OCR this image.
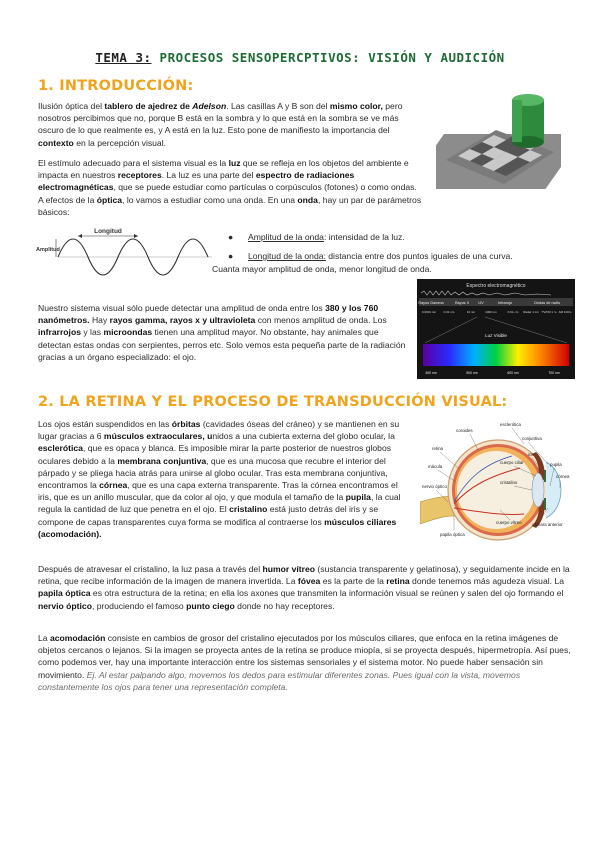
TEMA 3: PROCESOS SENSOPERCPTIVOS: VISIÓN Y AUDICIÓN
1. INTRODUCCIÓN:

Ilusión óptica del tablero de ajedrez de Adelson. Las casillas A y B son del mismo color, pero nosotros percibimos que no, porque B está en la sombra y lo que está en la sombra se ve más oscuro de lo que realmente es, y A está en la luz. Esto pone de manifiesto la importancia del contexto en la percepción visual.

El estímulo adecuado para el sistema visual es la luz que se refleja en los objetos del ambiente e impacta en nuestros receptores. La luz es una parte del espectro de radiaciones electromagnéticas, que se puede estudiar como partículas o corpúsculos (fotones) o como ondas. A efectos de la óptica, lo vamos a estudiar como una onda. En una onda, hay un par de parámetros básicos:

Longitud
Amplitud
● Amplitud de la onda: intensidad de la luz.
● Longitud de la onda: distancia entre dos puntos iguales de una curva.
Cuanta mayor amplitud de onda, menor longitud de onda.

Nuestro sistema visual sólo puede detectar una amplitud de onda entre los 380 y los 760 nanómetros. Hay rayos gamma, rayos x y ultravioleta con menos amplitud de onda. Los infrarrojos y las microondas tienen una amplitud mayor. No obstante, hay animales que detectan estas ondas con serpientes, perros etc. Solo vemos esta pequeña parte de la radiación gracias a un órgano especializado: el ojo.

Espectro electromagnético
Rayos Gamma	Rayos X UV	Infrarojo	Ondas de radio
0.0001 nm 0.01 nm	10 nm	1000 nm	0.01 cm Radar 1 cm TV/FM 1 m AM 100m
Luz Visible
400 nm	500 nm	600 nm	700 nm
2. LA RETINA Y EL PROCESO DE TRANSDUCCIÓN VISUAL:

Los ojos están suspendidos en las órbitas (cavidades óseas del cráneo) y se mantienen en su lugar gracias a 6 músculos extraoculares, unidos a una cubierta externa del globo ocular, la esclerótica, que es opaca y blanca. Es imposible mirar la parte posterior de nuestros globos oculares debido a la membrana conjuntiva, que es una mucosa que recubre el interior del párpado y se pliega hacia atrás para unirse al globo ocular. Tras esta membrana conjuntiva, encontramos la córnea, que es una capa externa transparente. Tras la córnea encontramos el iris, que es un anillo muscular, que da color al ojo, y que modula el tamaño de la pupila, la cual regula la cantidad de luz que penetra en el ojo. El cristalino está justo detrás del iris y se compone de capas transparentes cuya forma se modifica al contraerse los músculos ciliares (acomodación).

esclerótica
coroides
conjuntiva
retina
iris
mácula	pupila
cuerpo ciliar
córnea
nervio óptico
cristalino
cuerpo vítreo cámara anterior
papila óptica

Después de atravesar el cristalino, la luz pasa a través del humor vítreo (sustancia transparente y gelatinosa), y seguidamente incide en la retina, que recibe información de la imagen de manera invertida. La fóvea es la parte de la retina donde tenemos más agudeza visual. La papila óptica es otra estructura de la retina; en ella los axones que transmiten la información visual se reúnen y salen del ojo formando el nervio óptico, produciendo el famoso punto ciego donde no hay receptores.

La acomodación consiste en cambios de grosor del cristalino ejecutados por los músculos ciliares, que enfoca en la retina imágenes de objetos cercanos o lejanos. Si la imagen se proyecta antes de la retina se produce miopía, si se proyecta después, hipermetropía. Así pues, como podemos ver, hay una importante interacción entre los sistemas sensoriales y el sistema motor. No puede haber sensación sin movimiento. Ej. Al estar palpando algo, movemos los dedos para estimular diferentes zonas. Pues igual con la vista, movemos constantemente los ojos para tener una representación completa.
